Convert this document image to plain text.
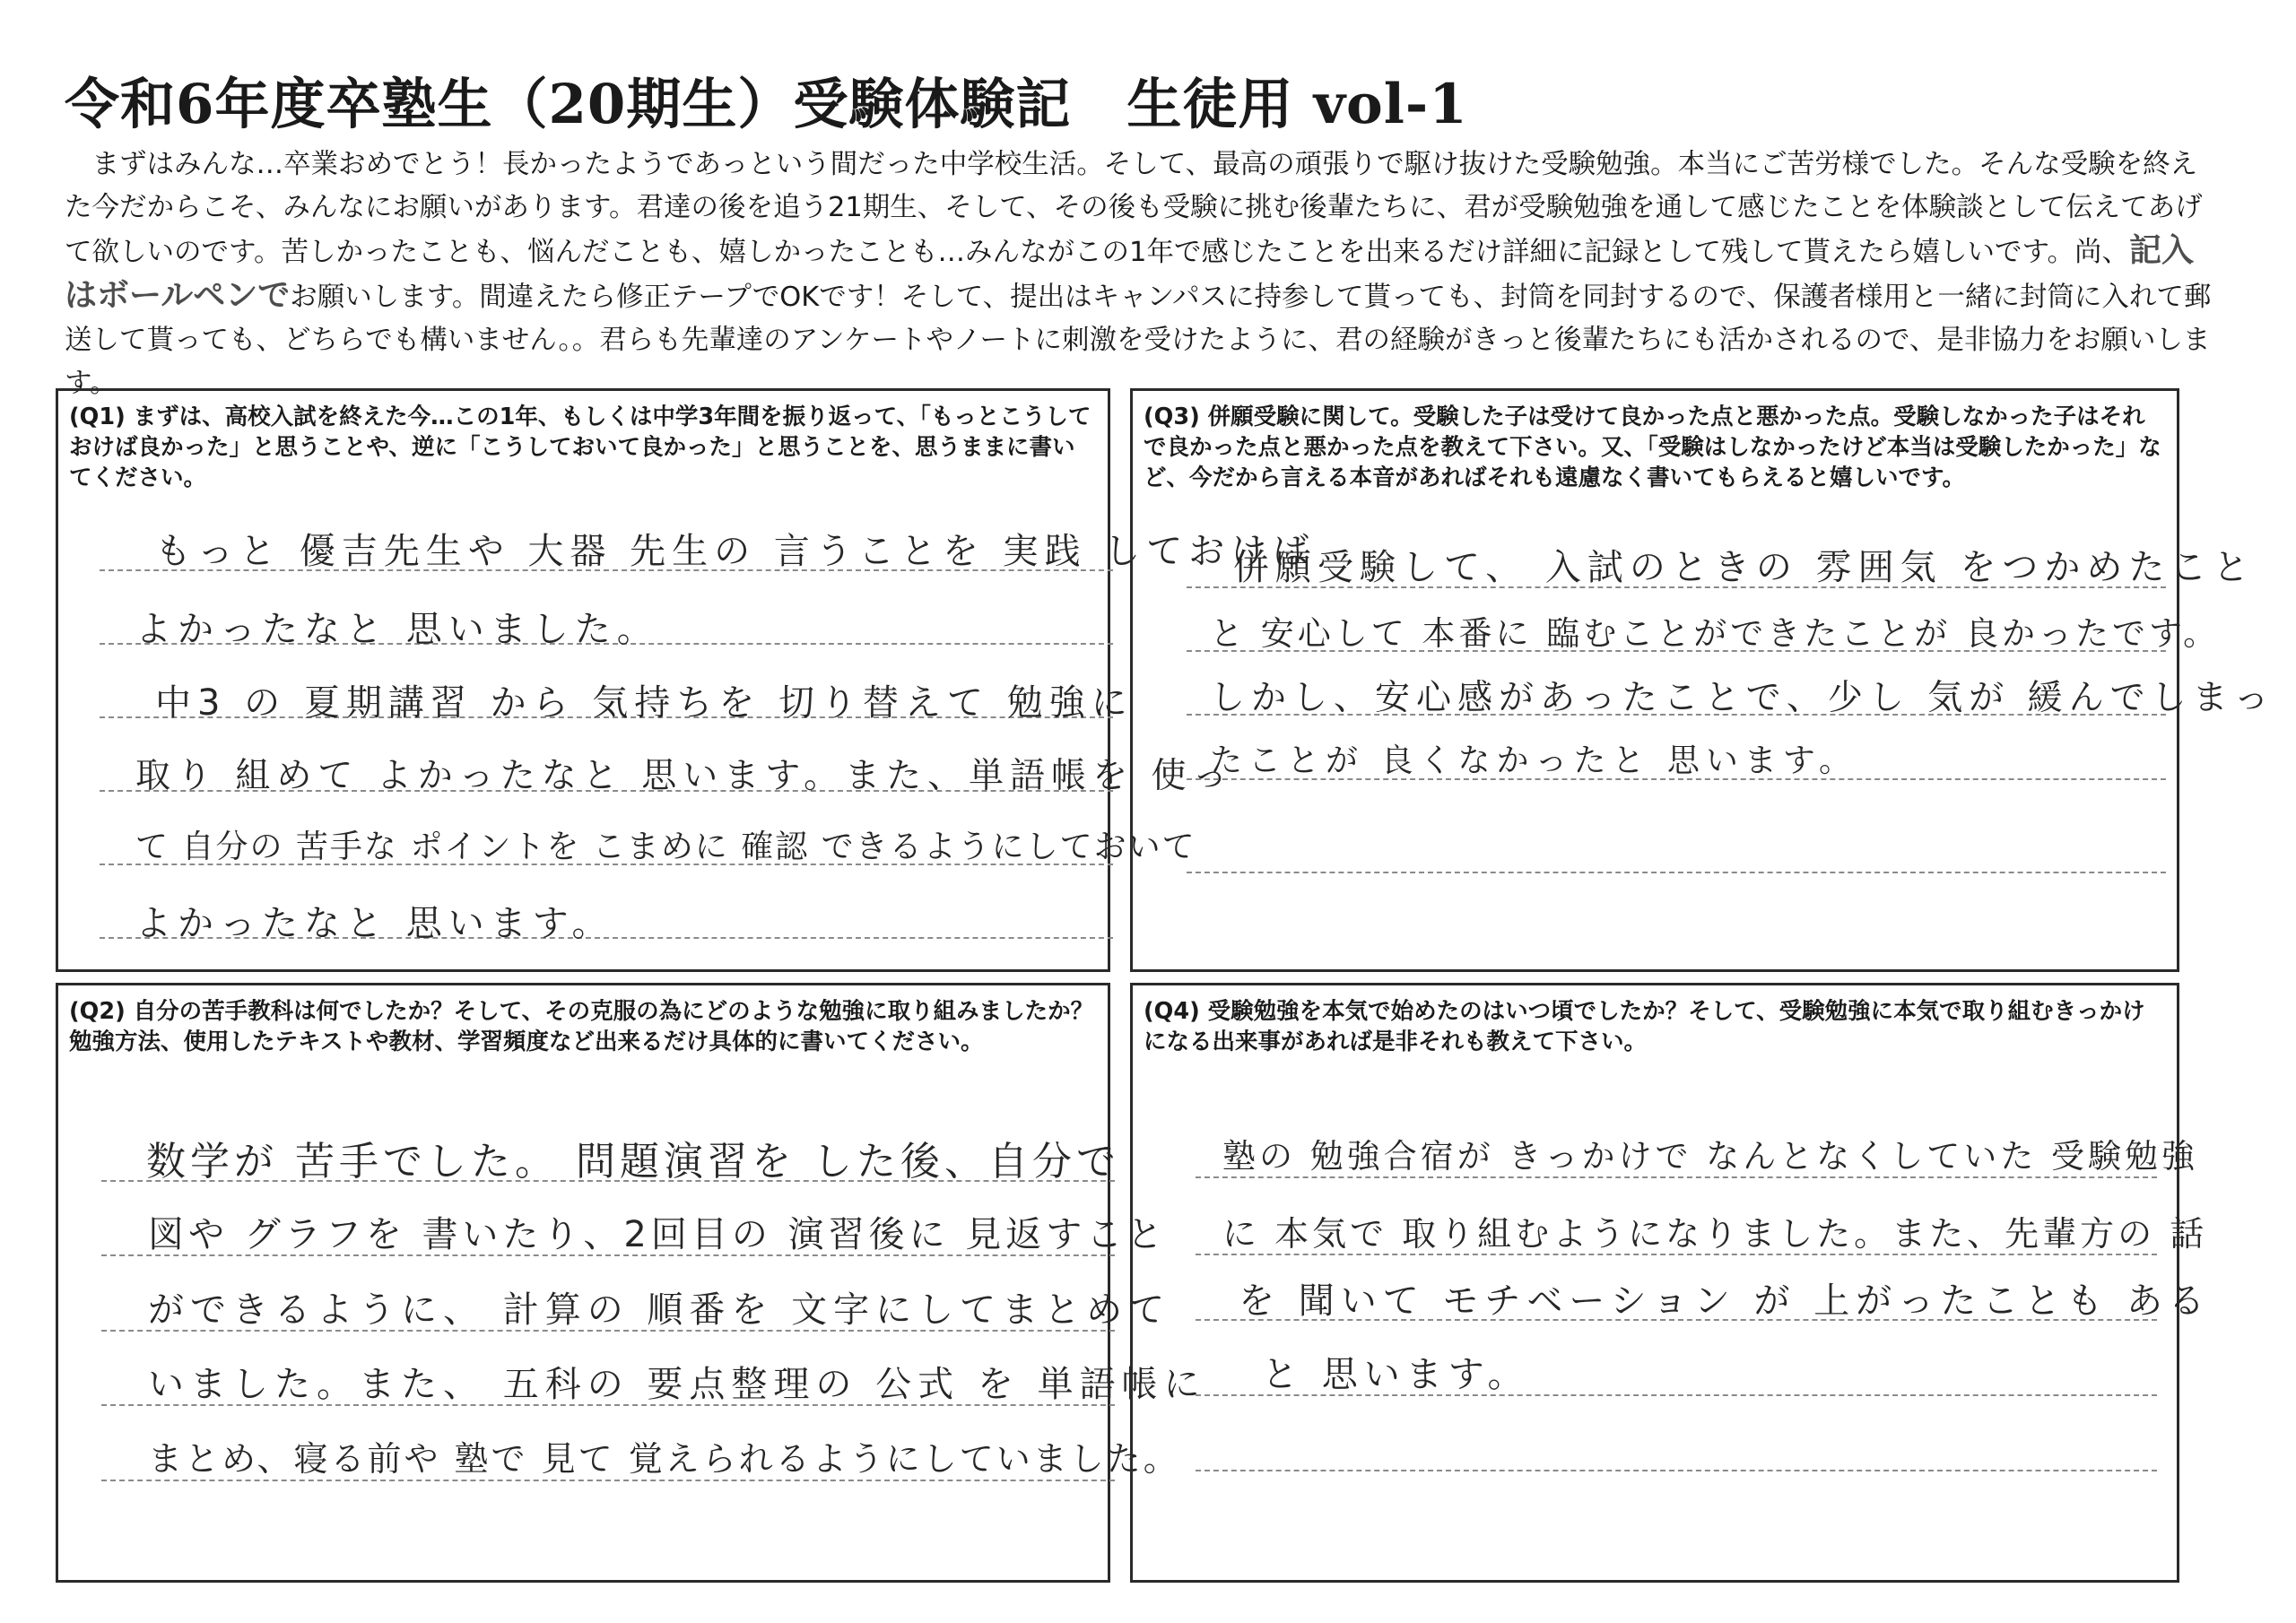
令和6年度卒塾生（20期生）受験体験記　生徒用 vol-1
　まずはみんな…卒業おめでとう！長かったようであっという間だった中学校生活。そして、最高の頑張りで駆け抜けた受験勉強。本当にご苦労様でした。そんな受験を終えた今だからこそ、みんなにお願いがあります。君達の後を追う21期生、そして、その後も受験に挑む後輩たちに、君が受験勉強を通して感じたことを体験談として伝えてあげて欲しいのです。苦しかったことも、悩んだことも、嬉しかったことも…みんながこの1年で感じたことを出来るだけ詳細に記録として残して貰えたら嬉しいです。尚、記入はボールペンでお願いします。間違えたら修正テープでOKです！そして、提出はキャンパスに持参して貰っても、封筒を同封するので、保護者様用と一緒に封筒に入れて郵送して貰っても、どちらでも構いません。。君らも先輩達のアンケートやノートに刺激を受けたように、君の経験がきっと後輩たちにも活かされるので、是非協力をお願いします。
(Q1) まずは、高校入試を終えた今…この1年、もしくは中学3年間を振り返って、「もっとこうしておけば良かった」と思うことや、逆に「こうしておいて良かった」と思うことを、思うままに書いてください。
もっと 優吉先生や 大器 先生の 言うことを 実践 しておけば
よかったなと 思いました。
中3 の 夏期講習 から 気持ちを 切り替えて 勉強に
取り 組めて よかったなと 思います。また、単語帳を 使っ
て 自分の 苦手な ポイントを こまめに 確認 できるようにしておいて
よかったなと 思います。
(Q3) 併願受験に関して。受験した子は受けて良かった点と悪かった点。受験しなかった子はそれで良かった点と悪かった点を教えて下さい。又、「受験はしなかったけど本当は受験したかった」など、今だから言える本音があればそれも遠慮なく書いてもらえると嬉しいです。
併願受験して、 入試のときの 雰囲気 をつかめたこと
と 安心して 本番に 臨むことができたことが 良かったです。
しかし、安心感があったことで、少し 気が 緩んでしまっ
たことが 良くなかったと 思います。
(Q2) 自分の苦手教科は何でしたか？そして、その克服の為にどのような勉強に取り組みましたか？勉強方法、使用したテキストや教材、学習頻度など出来るだけ具体的に書いてください。
数学が 苦手でした。 問題演習を した後、自分で
図や グラフを 書いたり、2回目の 演習後に 見返すこと
ができるように、 計算の 順番を 文字にしてまとめて
いました。また、 五科の 要点整理の 公式 を 単語帳に
まとめ、寝る前や 塾で 見て 覚えられるようにしていました。
(Q4) 受験勉強を本気で始めたのはいつ頃でしたか？そして、受験勉強に本気で取り組むきっかけになる出来事があれば是非それも教えて下さい。
塾の 勉強合宿が きっかけで なんとなくしていた 受験勉強
に 本気で 取り組むようになりました。また、先輩方の 話
を 聞いて モチベーション が 上がったことも ある
と 思います。
